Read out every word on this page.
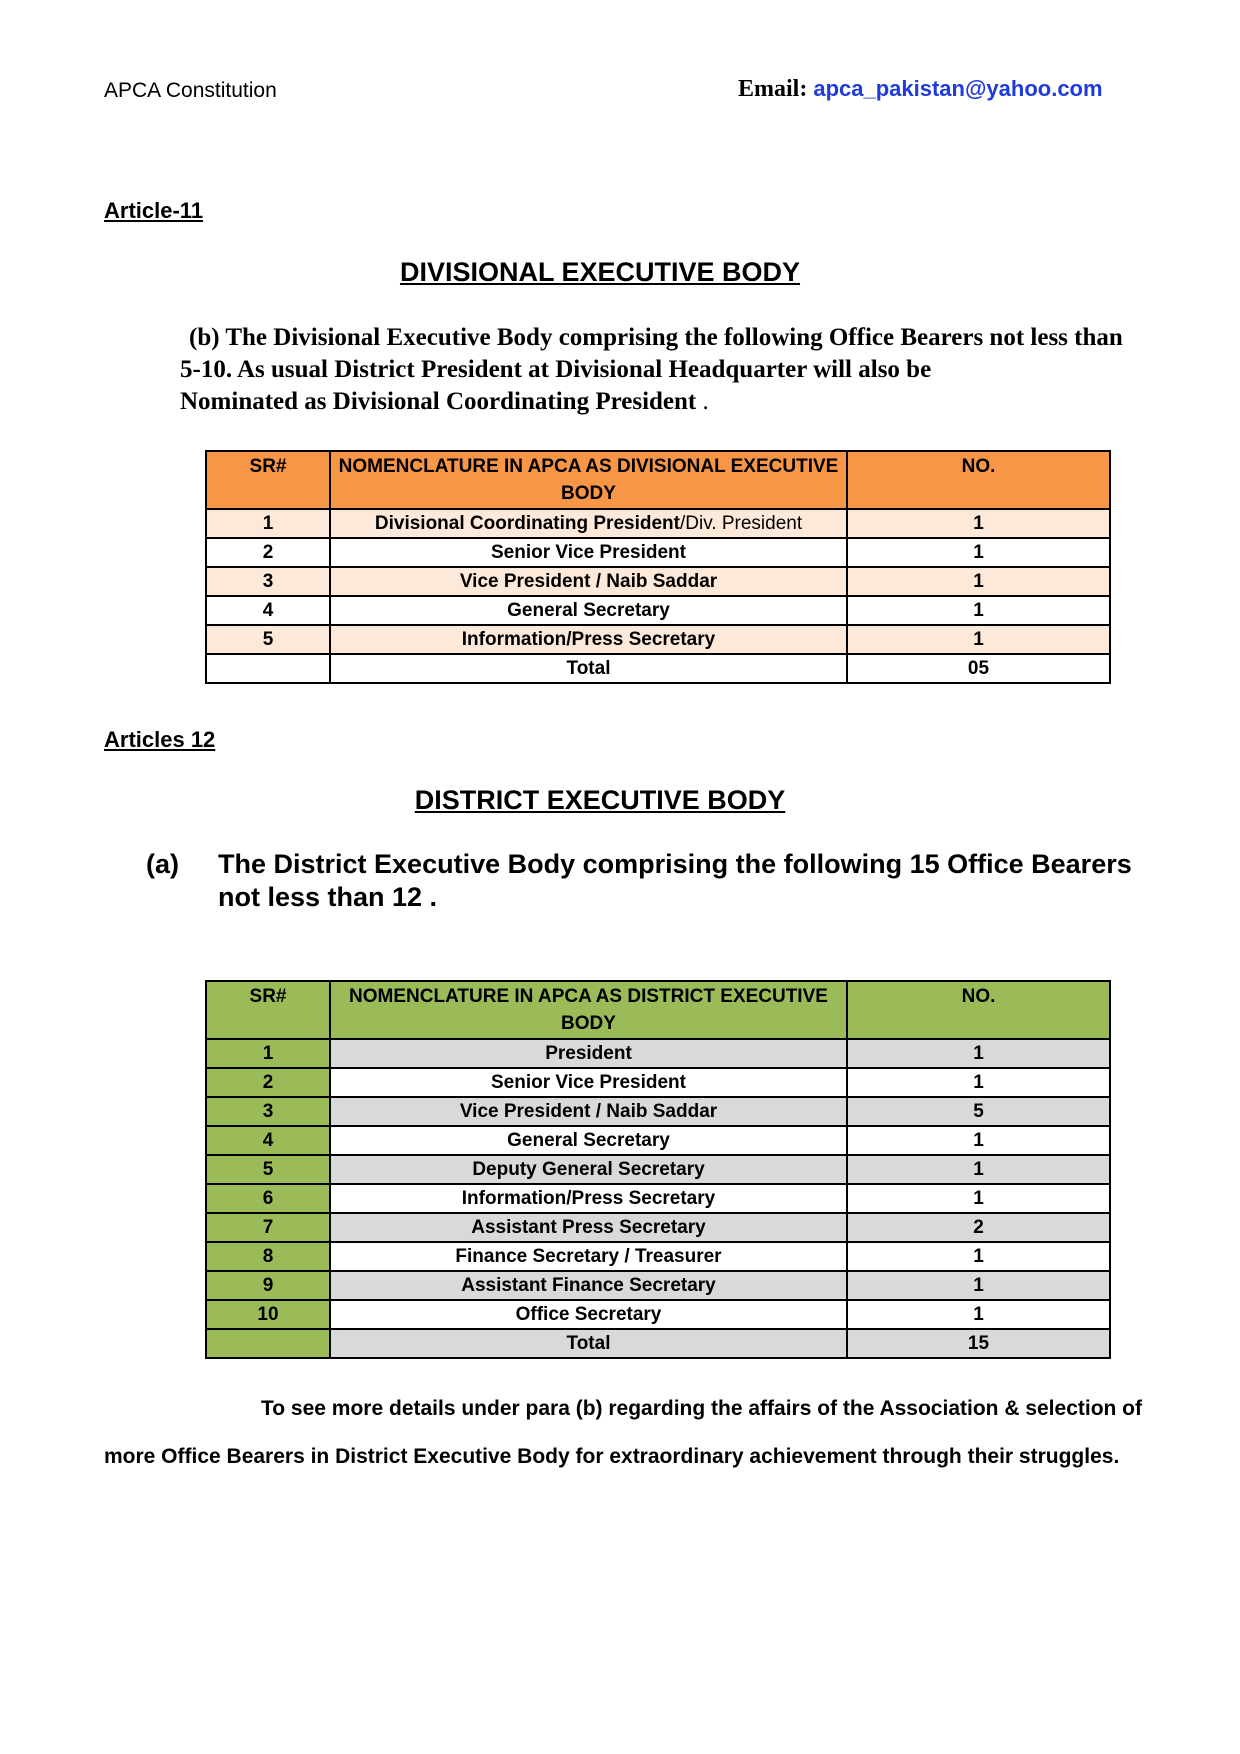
APCA Constitution	Email: apca_pakistan@yahoo.com
Article-11
DIVISIONAL EXECUTIVE BODY
(b) The Divisional Executive Body comprising the following Office Bearers not less than
5-10. As usual District President at Divisional Headquarter will also be
Nominated as Divisional Coordinating President .
SR#	NOMENCLATURE IN APCA AS DIVISIONAL EXECUTIVE BODY	NO.
1	Divisional Coordinating President/Div. President	1
2	Senior Vice President	1
3	Vice President / Naib Saddar	1
4	General Secretary	1
5	Information/Press Secretary	1
	Total	05
Articles 12
DISTRICT EXECUTIVE BODY
(a) The District Executive Body comprising the following 15 Office Bearers
not less than 12 .
SR#	NOMENCLATURE IN APCA AS DISTRICT EXECUTIVE BODY	NO.
1	President	1
2	Senior Vice President	1
3	Vice President / Naib Saddar	5
4	General Secretary	1
5	Deputy General Secretary	1
6	Information/Press Secretary	1
7	Assistant Press Secretary	2
8	Finance Secretary / Treasurer	1
9	Assistant Finance Secretary	1
10	Office Secretary	1
	Total	15
To see more details under para (b) regarding the affairs of the Association & selection of
more Office Bearers in District Executive Body for extraordinary achievement through their struggles.
